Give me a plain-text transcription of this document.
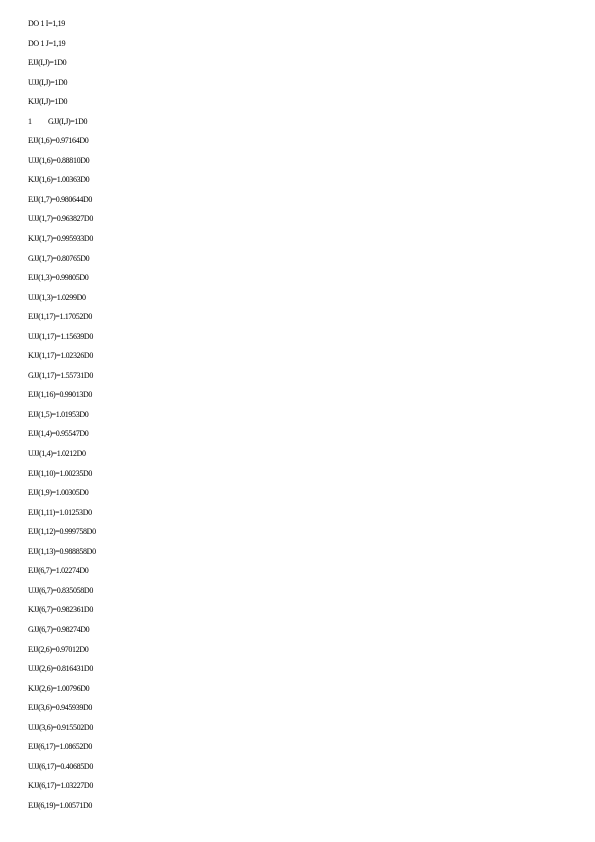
DO 1 I=1,19
DO 1 J=1,19
EJJ(I,J)=1D0
UJJ(I,J)=1D0
KJJ(I,J)=1D0
1 GJJ(I,J)=1D0
EJJ(1,6)=0.97164D0
UJJ(1,6)=0.88810D0
KJJ(1,6)=1.00363D0
EJJ(1,7)=0.980644D0
UJJ(1,7)=0.963827D0
KJJ(1,7)=0.995933D0
GJJ(1,7)=0.80765D0
EJJ(1,3)=0.99805D0
UJJ(1,3)=1.0299D0
EJJ(1,17)=1.17052D0
UJJ(1,17)=1.15639D0
KJJ(1,17)=1.02326D0
GJJ(1,17)=1.55731D0
EJJ(1,16)=0.99013D0
EJJ(1,5)=1.01953D0
EJJ(1,4)=0.95547D0
UJJ(1,4)=1.0212D0
EJJ(1,10)=1.00235D0
EJJ(1,9)=1.00305D0
EJJ(1,11)=1.01253D0
EJJ(1,12)=0.999758D0
EJJ(1,13)=0.988858D0
EJJ(6,7)=1.02274D0
UJJ(6,7)=0.835058D0
KJJ(6,7)=0.982361D0
GJJ(6,7)=0.98274D0
EJJ(2,6)=0.97012D0
UJJ(2,6)=0.816431D0
KJJ(2,6)=1.00796D0
EJJ(3,6)=0.945939D0
UJJ(3,6)=0.915502D0
EJJ(6,17)=1.08652D0
UJJ(6,17)=0.40685D0
KJJ(6,17)=1.03227D0
EJJ(6,19)=1.00571D0
